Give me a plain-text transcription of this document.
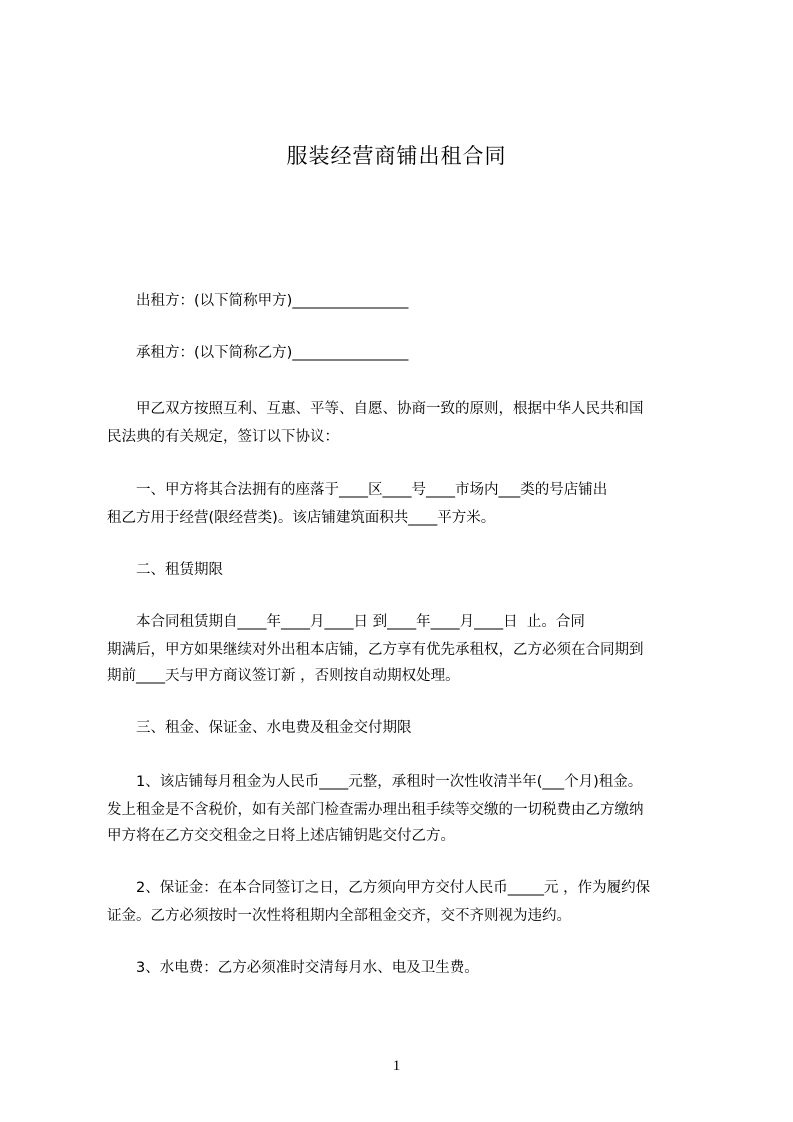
服装经营商铺出租合同
出租方：(以下简称甲方)________________
承租方：(以下简称乙方)________________
甲乙双方按照互利、互惠、平等、自愿、协商一致的原则，根据中华人民共和国
民法典的有关规定，签订以下协议：
一、甲方将其合法拥有的座落于____区____号____市场内___类的号店铺出
租乙方用于经营(限经营类)。该店铺建筑面积共____平方米。
二、租赁期限
本合同租赁期自____年____月____日 到____年____月____日  止。合同
期满后，甲方如果继续对外出租本店铺，乙方享有优先承租权，乙方必须在合同期到
期前____天与甲方商议签订新 ，否则按自动期权处理。
三、租金、保证金、水电费及租金交付期限
1、该店铺每月租金为人民币____元整，承租时一次性收清半年(___个月)租金。
发上租金是不含税价，如有关部门检查需办理出租手续等交缴的一切税费由乙方缴纳
甲方将在乙方交交租金之日将上述店铺钥匙交付乙方。
2、保证金：在本合同签订之日，乙方须向甲方交付人民币_____元 ，作为履约保
证金。乙方必须按时一次性将租期内全部租金交齐，交不齐则视为违约。
3、水电费：乙方必须准时交清每月水、电及卫生费。
1
